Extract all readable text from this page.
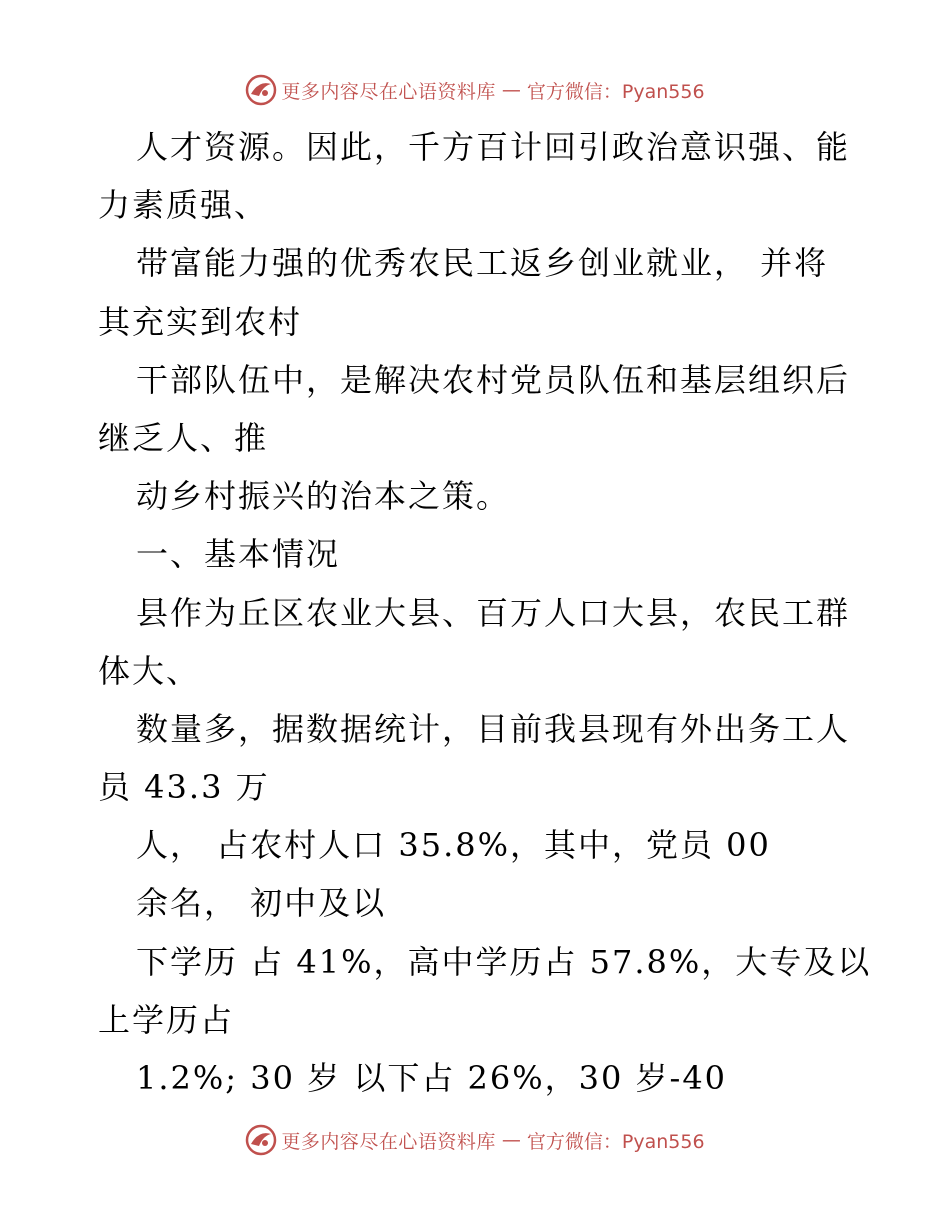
更多内容尽在心语资料库 — 官方微信：Pyan556
人才资源。因此，千方百计回引政治意识强、能
力素质强、
带富能力强的优秀农民工返乡创业就业， 并将
其充实到农村
干部队伍中，是解决农村党员队伍和基层组织后
继乏人、推
动乡村振兴的治本之策。
一、基本情况
县作为丘区农业大县、百万人口大县，农民工群
体大、
数量多，据数据统计，目前我县现有外出务工人
员 43.3 万
人， 占农村人口 35.8%，其中，党员 00
余名， 初中及以
下学历 占 41%，高中学历占 57.8%，大专及以
上学历占
1.2%; 30 岁 以下占 26%，30 岁-40
更多内容尽在心语资料库 — 官方微信：Pyan556
